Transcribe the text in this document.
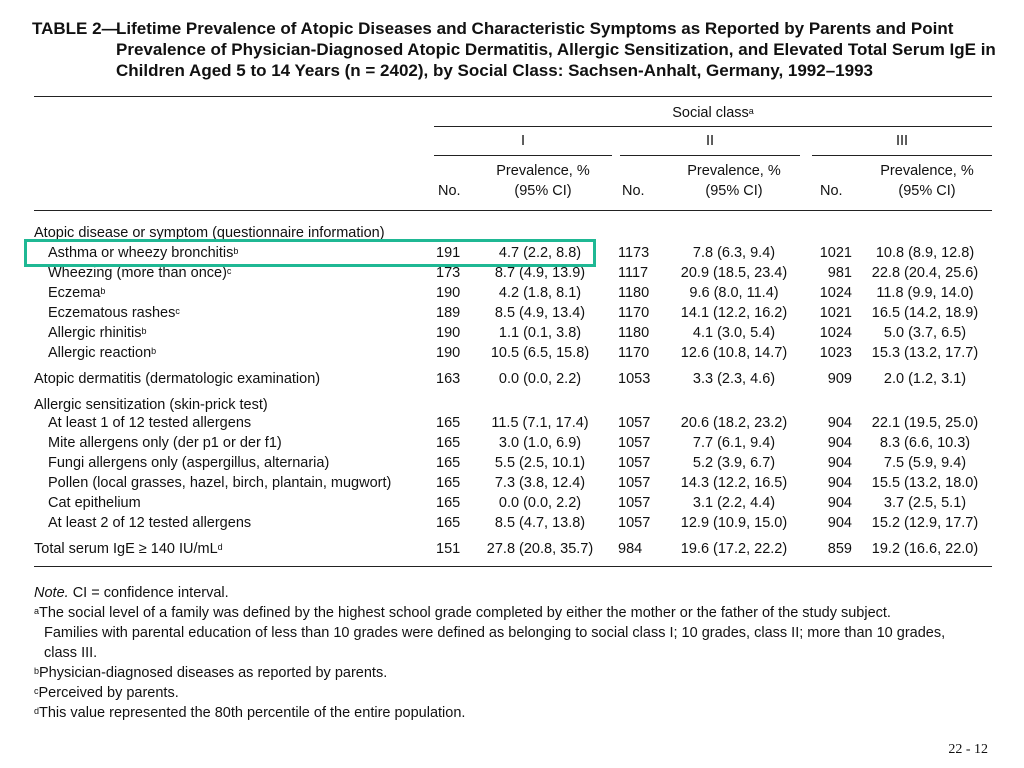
TABLE 2—
Lifetime Prevalence of Atopic Diseases and Characteristic Symptoms as Reported by Parents and Point
Prevalence of Physician-Diagnosed Atopic Dermatitis, Allergic Sensitization, and Elevated Total Serum IgE in
Children Aged 5 to 14 Years (n = 2402), by Social Class: Sachsen-Anhalt, Germany, 1992–1993
Social class$^a$
I	II	III
No.
Prevalence, %
(95% CI)	No.
Prevalence, %
(95% CI)	No.
Prevalence, %
(95% CI)
Atopic disease or symptom (questionnaire information)
Asthma or wheezy bronchitis$^b$	191	4.7 (2.2, 8.8)	1173	7.8 (6.3, 9.4)	1021	10.8 (8.9, 12.8)
Wheezing (more than once)$^c$	173	8.7 (4.9, 13.9)	1117	20.9 (18.5, 23.4)	981	22.8 (20.4, 25.6)
Eczema$^b$	190	4.2 (1.8, 8.1)	1180	9.6 (8.0, 11.4)	1024	11.8 (9.9, 14.0)
Eczematous rashes$^c$	189	8.5 (4.9, 13.4)	1170	14.1 (12.2, 16.2)	1021	16.5 (14.2, 18.9)
Allergic rhinitis$^b$	190	1.1 (0.1, 3.8)	1180	4.1 (3.0, 5.4)	1024	5.0 (3.7, 6.5)
Allergic reaction$^b$	190	10.5 (6.5, 15.8)	1170	12.6 (10.8, 14.7)	1023	15.3 (13.2, 17.7)
Atopic dermatitis (dermatologic examination)	163	0.0 (0.0, 2.2)	1053	3.3 (2.3, 4.6)	909	2.0 (1.2, 3.1)
Allergic sensitization (skin-prick test)
At least 1 of 12 tested allergens	165	11.5 (7.1, 17.4)	1057	20.6 (18.2, 23.2)	904	22.1 (19.5, 25.0)
Mite allergens only (der p1 or der f1)	165	3.0 (1.0, 6.9)	1057	7.7 (6.1, 9.4)	904	8.3 (6.6, 10.3)
Fungi allergens only (aspergillus, alternaria)	165	5.5 (2.5, 10.1)	1057	5.2 (3.9, 6.7)	904	7.5 (5.9, 9.4)
Pollen (local grasses, hazel, birch, plantain, mugwort)	165	7.3 (3.8, 12.4)	1057	14.3 (12.2, 16.5)	904	15.5 (13.2, 18.0)
Cat epithelium	165	0.0 (0.0, 2.2)	1057	3.1 (2.2, 4.4)	904	3.7 (2.5, 5.1)
At least 2 of 12 tested allergens	165	8.5 (4.7, 13.8)	1057	12.9 (10.9, 15.0)	904	15.2 (12.9, 17.7)
Total serum IgE ≥ 140 $IU/mL^d$	151	27.8 (20.8, 35.7)	984	19.6 (17.2, 22.2)	859	19.2 (16.6, 22.0)
Note. CI = confidence interval.
$^a$The social level of a family was defined by the highest school grade completed by either the mother or the father of the study subject.
Families with parental education of less than 10 grades were defined as belonging to social class I; 10 grades, class II; more than 10 grades,
class III.
$^b$Physician-diagnosed diseases as reported by parents.
$^c$Perceived by parents.
$^d$This value represented the 80th percentile of the entire population.
22 - 12
